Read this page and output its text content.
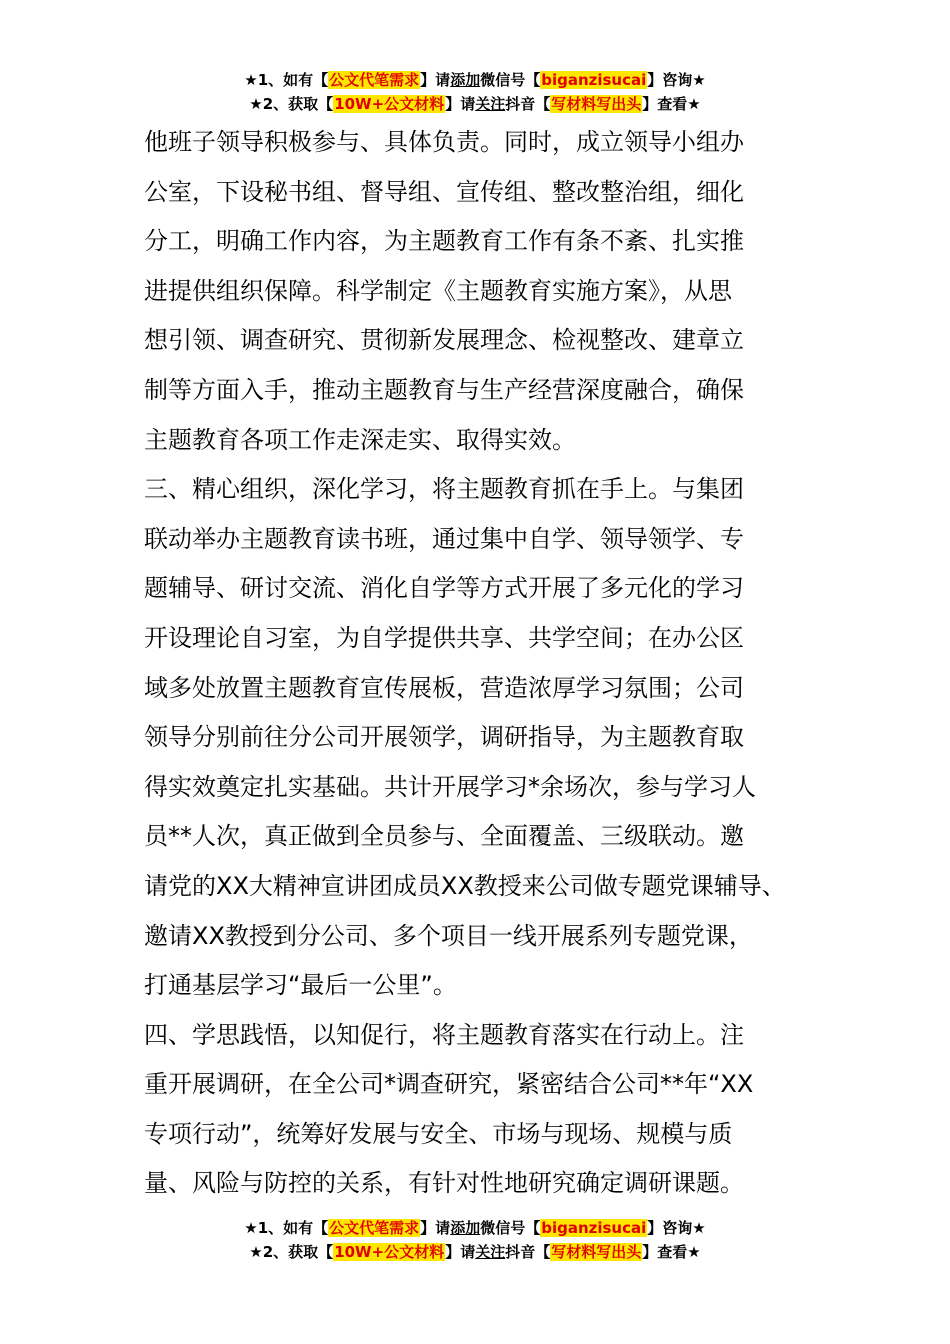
★1、如有【公文代笔需求】请添加微信号【biganzisucai】咨询★
★2、获取【10W+公文材料】请关注抖音【写材料写出头】查看★
他班子领导积极参与、具体负责。同时，成立领导小组办
公室，下设秘书组、督导组、宣传组、整改整治组，细化
分工，明确工作内容，为主题教育工作有条不紊、扎实推
进提供组织保障。科学制定《主题教育实施方案》，从思
想引领、调查研究、贯彻新发展理念、检视整改、建章立
制等方面入手，推动主题教育与生产经营深度融合，确保
主题教育各项工作走深走实、取得实效。
三、精心组织，深化学习，将主题教育抓在手上。与集团
联动举办主题教育读书班，通过集中自学、领导领学、专
题辅导、研讨交流、消化自学等方式开展了多元化的学习
开设理论自习室，为自学提供共享、共学空间；在办公区
域多处放置主题教育宣传展板，营造浓厚学习氛围；公司
领导分别前往分公司开展领学，调研指导，为主题教育取
得实效奠定扎实基础。共计开展学习*余场次，参与学习人
员**人次，真正做到全员参与、全面覆盖、三级联动。邀
请党的XX大精神宣讲团成员XX教授来公司做专题党课辅导、
邀请XX教授到分公司、多个项目一线开展系列专题党课，
打通基层学习“最后一公里”。
四、学思践悟，以知促行，将主题教育落实在行动上。注
重开展调研，在全公司*调查研究，紧密结合公司**年“XX
专项行动”，统筹好发展与安全、市场与现场、规模与质
量、风险与防控的关系，有针对性地研究确定调研课题。
★1、如有【公文代笔需求】请添加微信号【biganzisucai】咨询★
★2、获取【10W+公文材料】请关注抖音【写材料写出头】查看★
